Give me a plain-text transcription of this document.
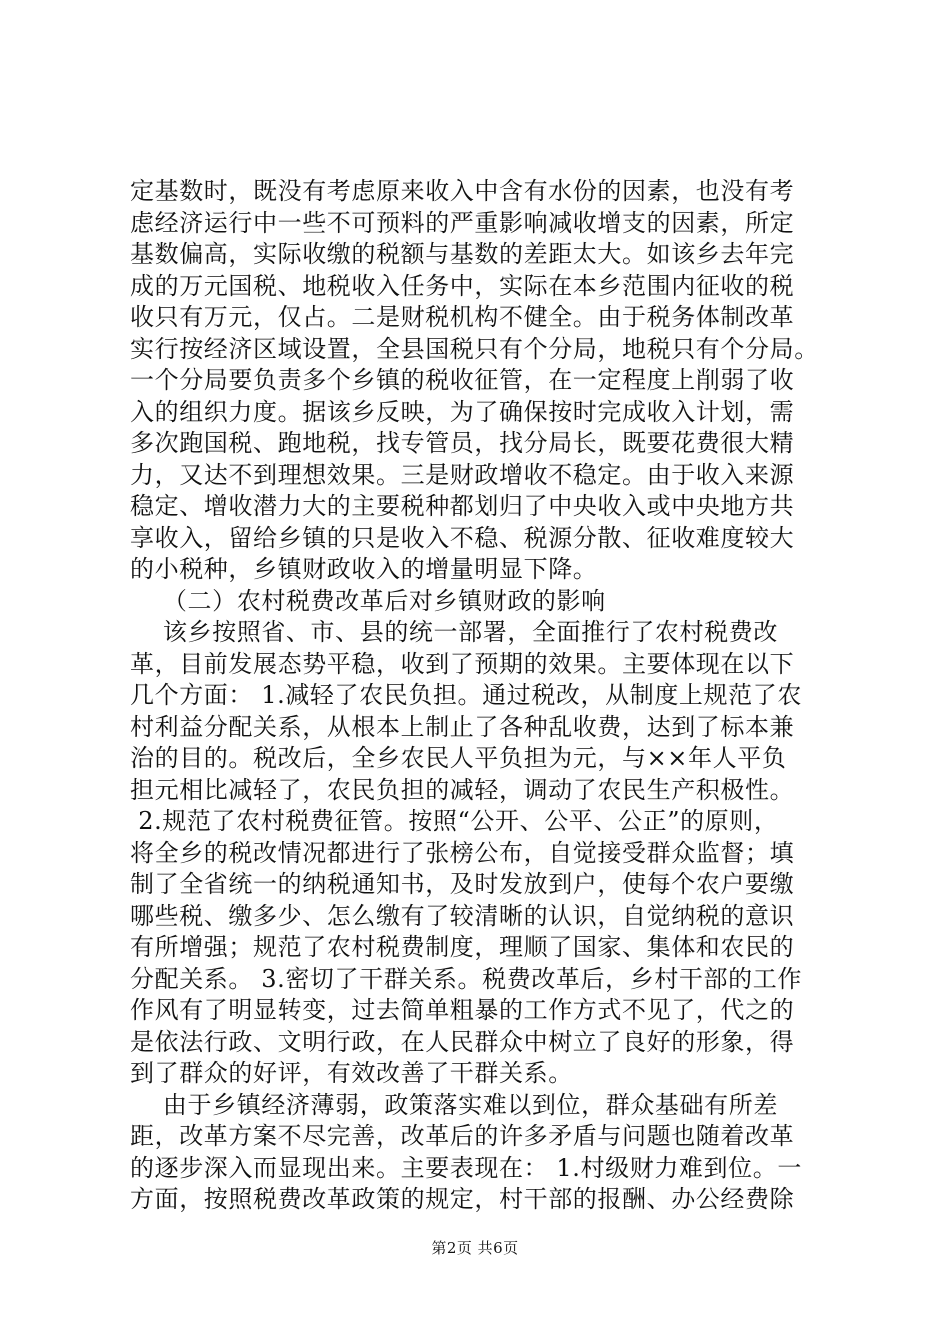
定基数时，既没有考虑原来收入中含有水份的因素，也没有考
虑经济运行中一些不可预料的严重影响减收增支的因素，所定
基数偏高，实际收缴的税额与基数的差距太大。如该乡去年完
成的万元国税、地税收入任务中，实际在本乡范围内征收的税
收只有万元，仅占。二是财税机构不健全。由于税务体制改革
实行按经济区域设置，全县国税只有个分局，地税只有个分局。
一个分局要负责多个乡镇的税收征管，在一定程度上削弱了收
入的组织力度。据该乡反映，为了确保按时完成收入计划，需
多次跑国税、跑地税，找专管员，找分局长，既要花费很大精
力，又达不到理想效果。三是财政增收不稳定。由于收入来源
稳定、增收潜力大的主要税种都划归了中央收入或中央地方共
享收入，留给乡镇的只是收入不稳、税源分散、征收难度较大
的小税种，乡镇财政收入的增量明显下降。
（二）农村税费改革后对乡镇财政的影响
该乡按照省、市、县的统一部署，全面推行了农村税费改
革，目前发展态势平稳，收到了预期的效果。主要体现在以下
几个方面： 1.减轻了农民负担。通过税改，从制度上规范了农
村利益分配关系，从根本上制止了各种乱收费，达到了标本兼
治的目的。税改后，全乡农民人平负担为元，与××年人平负
担元相比减轻了，农民负担的减轻，调动了农民生产积极性。
2.规范了农村税费征管。按照“公开、公平、公正”的原则，
将全乡的税改情况都进行了张榜公布，自觉接受群众监督；填
制了全省统一的纳税通知书，及时发放到户，使每个农户要缴
哪些税、缴多少、怎么缴有了较清晰的认识，自觉纳税的意识
有所增强；规范了农村税费制度，理顺了国家、集体和农民的
分配关系。 3.密切了干群关系。税费改革后，乡村干部的工作
作风有了明显转变，过去简单粗暴的工作方式不见了，代之的
是依法行政、文明行政，在人民群众中树立了良好的形象，得
到了群众的好评，有效改善了干群关系。
由于乡镇经济薄弱，政策落实难以到位，群众基础有所差
距，改革方案不尽完善，改革后的许多矛盾与问题也随着改革
的逐步深入而显现出来。主要表现在： 1.村级财力难到位。一
方面，按照税费改革政策的规定，村干部的报酬、办公经费除
第2页 共6页
